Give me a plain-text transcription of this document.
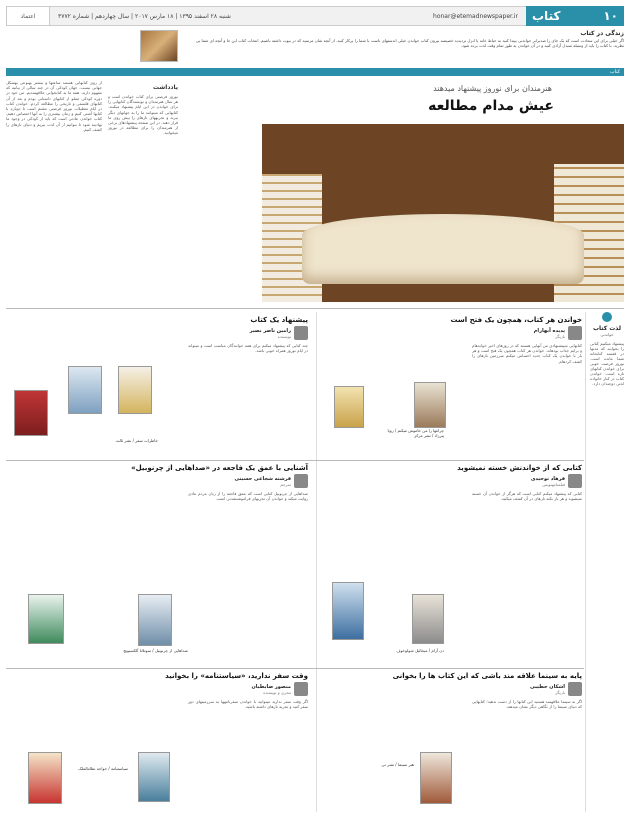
۱۰
کتاب
honar@etemadnewspaper.ir
شنبه ۲۸ اسفند ۱۳۹۵ | ۱۸ مارس ۲۰۱۷ | سال چهاردهم | شماره ۳۷۷۲
اعتماد
زندگی در کتاب

اگر خیلی برای این سعادت است که یک جای را صدبرابر خواندنی بپیدا کنید به حیاط خانه یا انزل تردیدید خصیصه بیرون کتاب خواندن خیلی اندستهای ناست با شما را پرکار کنید. از آنچه شان مرسید که در بیوت داشته باشیم. انتخاب کتاب این جا و آنچه ای شما پی نظرید. با کتاب را باید از وسیله متبدل آزادی کنید و در آن خواندن به طور تمام وقت لذت برده شود.

کتاب

از روی کتابهایی هستند ساعتها و بیشتر بهنوعی بهشکل جهانی نیست. جهان کودکی آن در چند سالی از بیانیه که مفهوم دارند. همه ما به کتابخوانی علاقهمندیم. من خود در دوره کودکی مملو از کتابهای داستانی بودم و بعد از آن کتابهای فلسفی و تاریخی را مطالعه کردم. خواندن کتاب در ایام تعطیلات نوروز فرصتی مغتنم است تا دوباره با کتابها آشتی کنیم و زمان بیشتری را به آنها اختصاص دهیم. کتاب خواندن عادتی است که باید از کودکی در وجود ما نهادینه شود تا بتوانیم از آن لذت ببریم و دنیای تازهای را کشف کنیم.

یادداشت

نوروز فرصتی برای کتاب خواندن است و هر سال هنرمندان و نویسندگان کتابهایی را برای خواندن در این ایام پیشنهاد میکنند. کتابهایی که میتوانند ما را به جهانهای دیگر ببرند و تجربههای تازهای را پیش روی ما قرار دهند. در این صفحه پیشنهادهای برخی از هنرمندان را برای مطالعه در نوروز میخوانید.

هنرمندان برای نوروز پیشنهاد میدهند
عیش مدام مطالعه
لذت کتاب
خواندنی

پیشنهاد میکنیم کتابی را بخوانید که مدتها در قفسه کتابخانه شما مانده است. نوروز فرصت خوبی برای خواندن کتابهای تازه است. خواندن کتاب در کنار خانواده لذتی دوچندان دارد.

خواندن هر کتاب، همچون یک فتح است
پدیده آبهارام
بازیگر

کتابهایی میپیشنهادی من آنهایی هستند که در روزهای اخیر خواندهام و برایم جذاب بودهاند. خواندن هر کتاب همچون یک فتح است و هر بار با خواندن یک کتاب جدید احساس میکنم سرزمین تازهای را کشف کردهام.

چراغها را من خاموش میکنم / زویا پیرزاد / نشر مرکز
پیشنهاد یک کتاب
رامین ناصر نصیر
نویسنده

چند کتابی که پیشنهاد میکنم برای همه خوانندگان مناسب است و میتواند در ایام نوروز همراه خوبی باشد.

خاطرات سفر / نشر ثالث
کتابی که از خواندنش خسته نمیشوید
فرهاد توحیدی
فیلمنامهنویس

کتابی که پیشنهاد میکنم کتابی است که هرگز از خواندن آن خسته نمیشوید و هر بار نکته تازهای در آن کشف میکنید.

دن آرام / میخائیل شولوخوف
آشنایی با عمق یک فاجعه در «صداهایی از چرنوبیل»
فرشته شجاعی حسینی
مترجم

صداهایی از چرنوبیل کتابی است که عمق فاجعه را از زبان مردم عادی روایت میکند و خواندن آن تجربهای فراموشنشدنی است.

صداهایی از چرنوبیل / سوتلانا آلکسیویچ
پایه به سینما علاقه مند باشی که این کتاب ها را بخوانی
اشکان خطیبی
بازیگر

اگر به سینما علاقهمند هستید این کتابها را از دست ندهید؛ کتابهایی که دنیای سینما را از نگاهی دیگر نشان میدهند.

هنر سینما / نشر نی
وقت سفر ندارید، «سیاستنامه» را بخوانید
منصور ضابطیان
مجری و نویسنده

اگر وقت سفر ندارید میتوانید با خواندن سفرنامهها به سرزمینهای دور سفر کنید و تجربه تازهای داشته باشید.

سیاستنامه / خواجه نظامالملک
